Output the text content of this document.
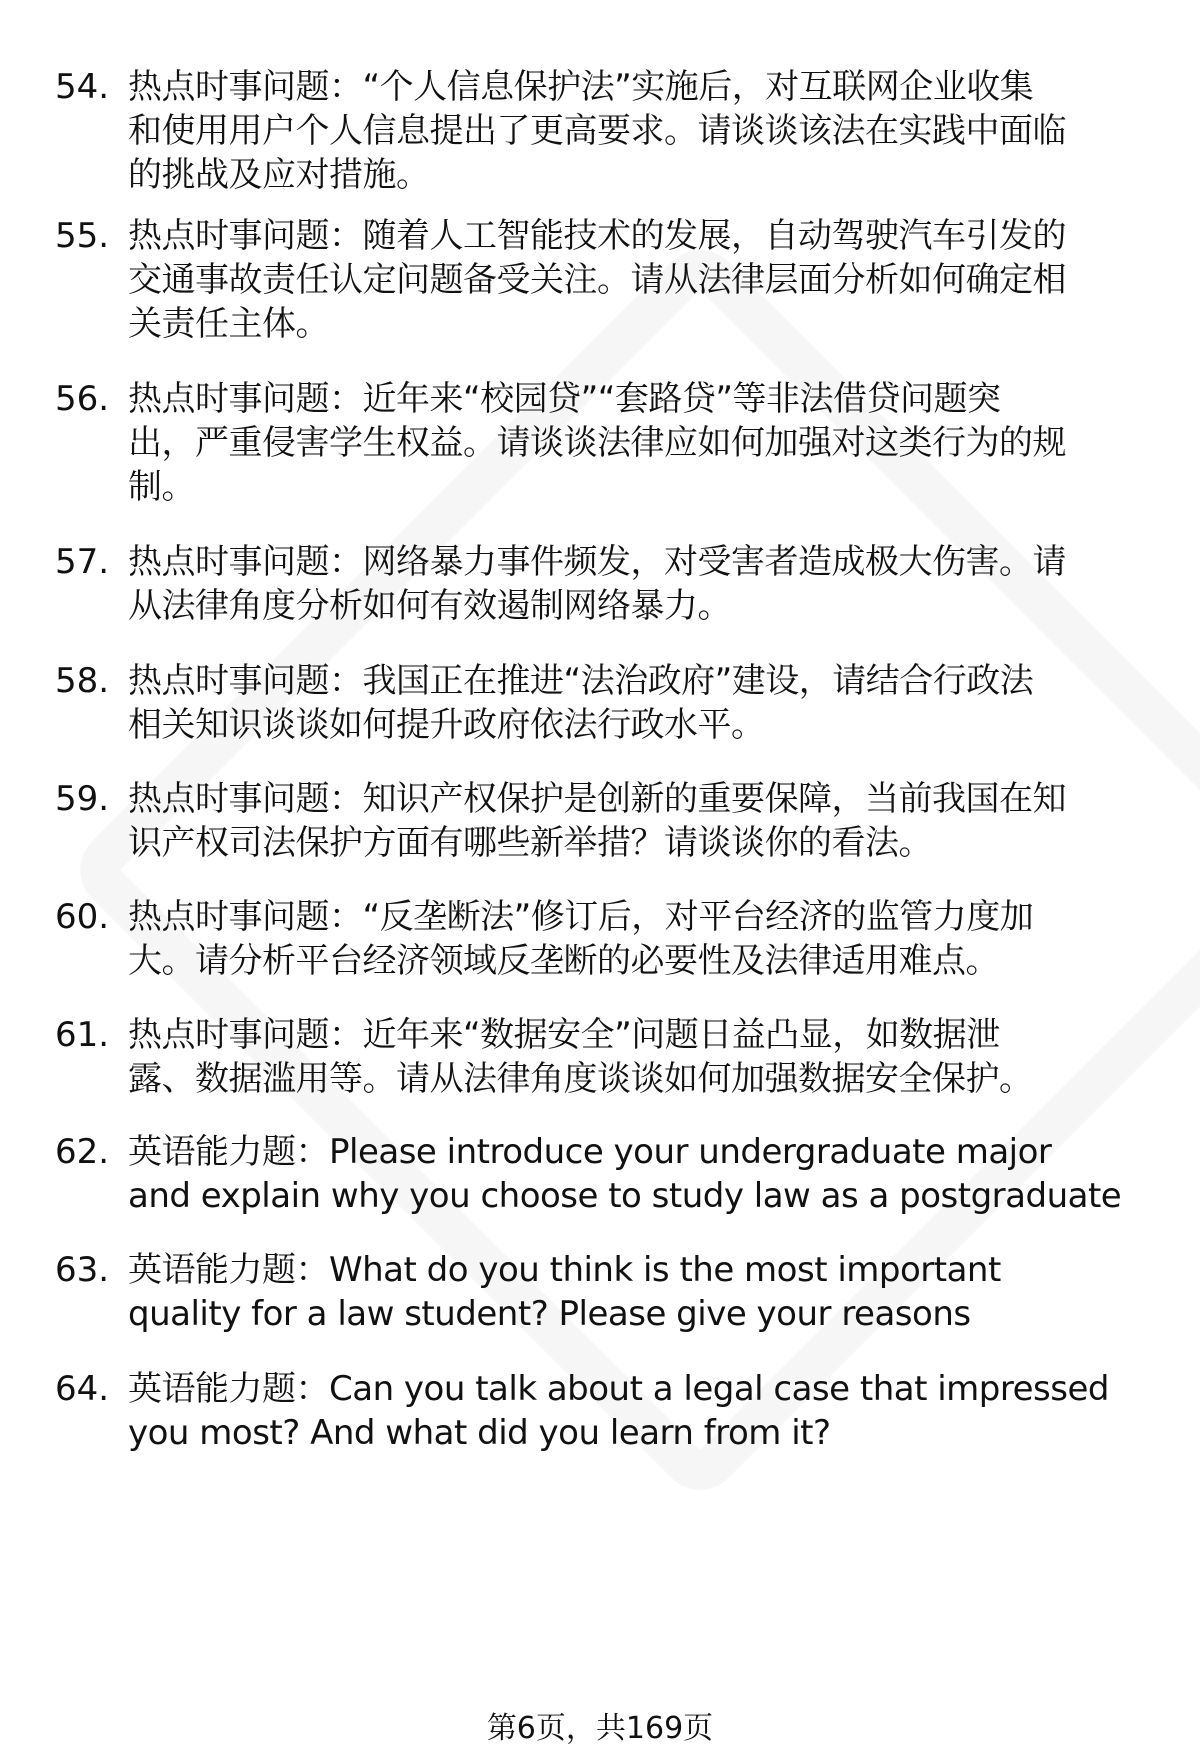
54. 热点时事问题：“个人信息保护法”实施后，对互联网企业收集
和使用用户个人信息提出了更高要求。请谈谈该法在实践中面临
的挑战及应对措施。
55. 热点时事问题：随着人工智能技术的发展，自动驾驶汽车引发的
交通事故责任认定问题备受关注。请从法律层面分析如何确定相
关责任主体。
56. 热点时事问题：近年来“校园贷”“套路贷”等非法借贷问题突
出，严重侵害学生权益。请谈谈法律应如何加强对这类行为的规
制。
57. 热点时事问题：网络暴力事件频发，对受害者造成极大伤害。请
从法律角度分析如何有效遏制网络暴力。
58. 热点时事问题：我国正在推进“法治政府”建设，请结合行政法
相关知识谈谈如何提升政府依法行政水平。
59. 热点时事问题：知识产权保护是创新的重要保障，当前我国在知
识产权司法保护方面有哪些新举措？请谈谈你的看法。
60. 热点时事问题：“反垄断法”修订后，对平台经济的监管力度加
大。请分析平台经济领域反垄断的必要性及法律适用难点。
61. 热点时事问题：近年来“数据安全”问题日益凸显，如数据泄
露、数据滥用等。请从法律角度谈谈如何加强数据安全保护。
62. 英语能力题：Please introduce your undergraduate major
and explain why you choose to study law as a postgraduate
63. 英语能力题：What do you think is the most important
quality for a law student? Please give your reasons
64. 英语能力题：Can you talk about a legal case that impressed
you most? And what did you learn from it?
第6页，共169页
